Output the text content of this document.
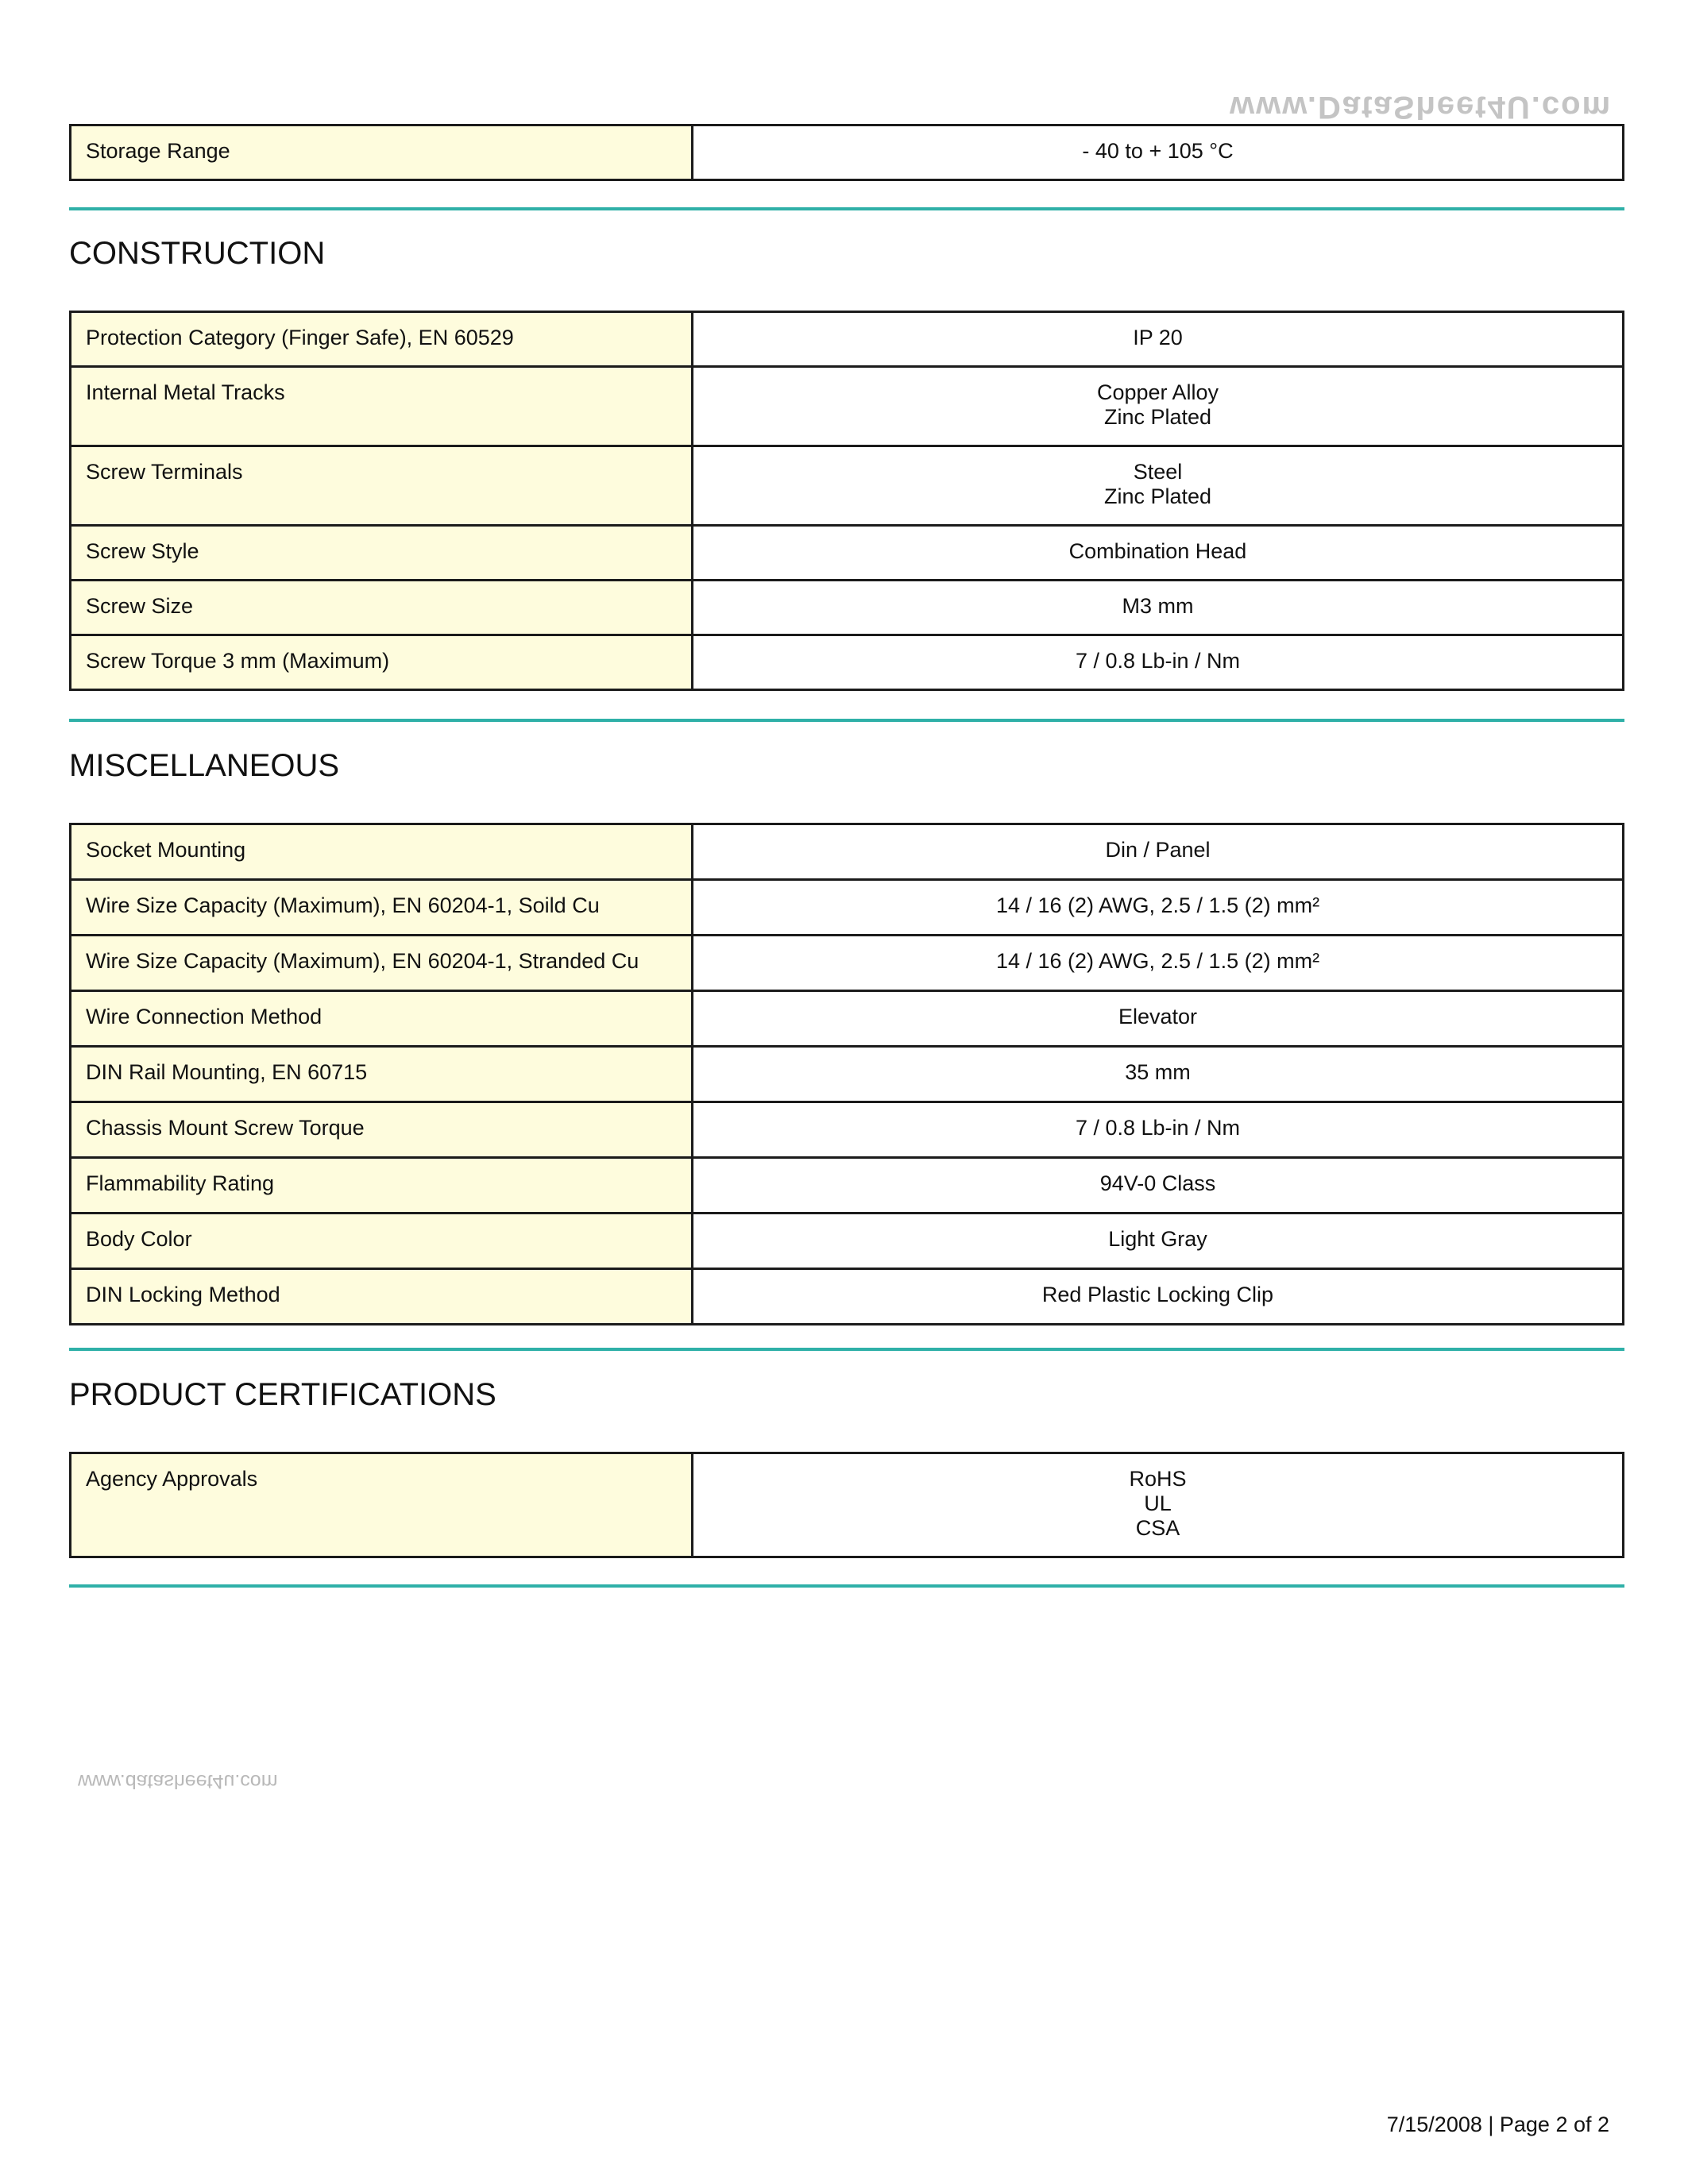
www.DataSheet4U.com
Storage Range	- 40 to + 105 °C
CONSTRUCTION
Protection Category (Finger Safe), EN 60529	IP 20

Internal Metal Tracks	Copper Alloy
Zinc Plated

Screw Terminals	Steel
Zinc Plated

Screw Style	Combination Head

Screw Size	M3 mm

Screw Torque 3 mm (Maximum)	7 / 0.8 Lb-in / Nm
MISCELLANEOUS
Socket Mounting	Din / Panel

Wire Size Capacity (Maximum), EN 60204-1, Soild Cu	14 / 16 (2) AWG, 2.5 / 1.5 (2) mm²

Wire Size Capacity (Maximum), EN 60204-1, Stranded Cu	14 / 16 (2) AWG, 2.5 / 1.5 (2) mm²

Wire Connection Method	Elevator

DIN Rail Mounting, EN 60715	35 mm

Chassis Mount Screw Torque	7 / 0.8 Lb-in / Nm

Flammability Rating	94V-0 Class

Body Color	Light Gray

DIN Locking Method	Red Plastic Locking Clip
PRODUCT CERTIFICATIONS
Agency Approvals	RoHS
UL
CSA
www.datasheet4u.com
7/15/2008 | Page 2 of 2
